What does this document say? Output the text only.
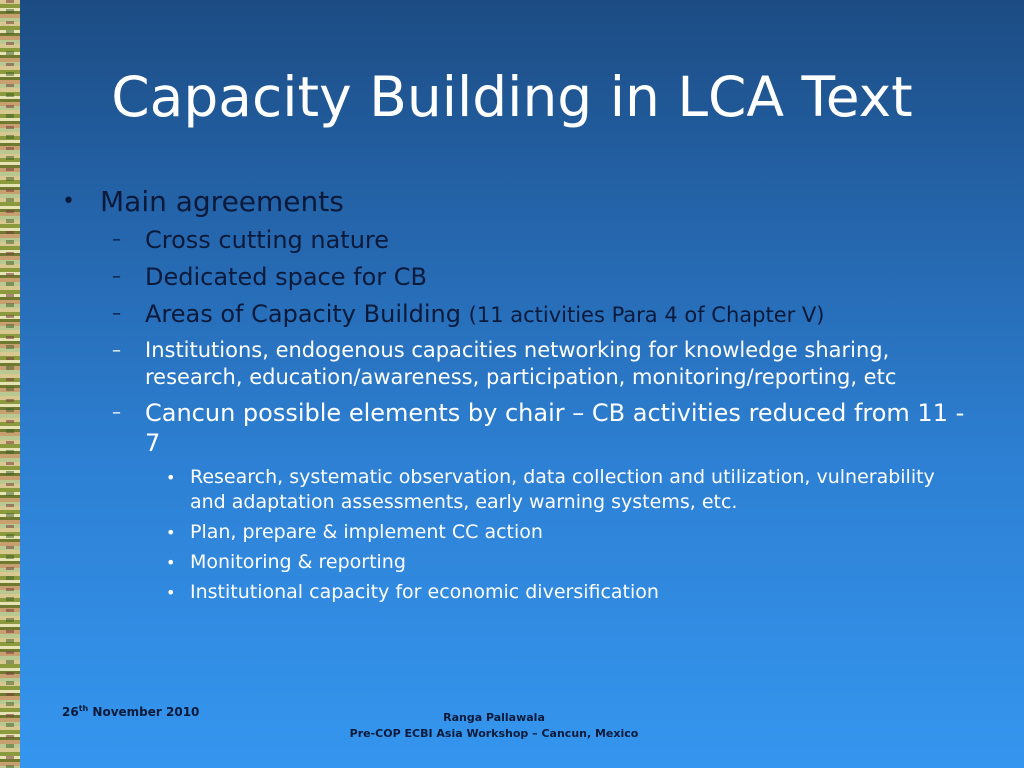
Capacity Building in LCA Text
• Main agreements
– Cross cutting nature
– Dedicated space for CB
– Areas of Capacity Building (11 activities Para 4 of Chapter V)
– Institutions, endogenous capacities networking for knowledge sharing, research, education/awareness, participation, monitoring/reporting, etc
– Cancun possible elements by chair – CB activities reduced from 11 - 7
• Research, systematic observation, data collection and utilization, vulnerability and adaptation assessments, early warning systems, etc.
• Plan, prepare & implement CC action
• Monitoring & reporting
• Institutional capacity for economic diversification
26th November 2010	Ranga Pallawala
Pre-COP ECBI Asia Workshop – Cancun, Mexico
